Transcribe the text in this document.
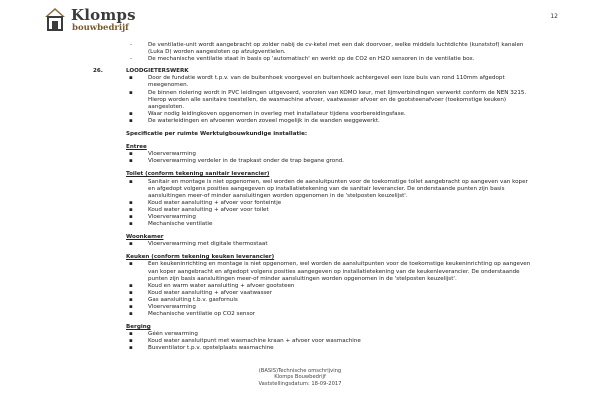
Klomps
bouwbedrijf
12
- De ventilatie-unit wordt aangebracht op zolder nabij de cv-ketel met een dak doorvoer, welke middels luchtdichte (kunststof) kanalen (Luka D) worden aangesloten op afzuigventielen.
- De mechanische ventilatie staat in basis op 'automatisch' en werkt op de CO2 en H2O sensoren in de ventilatie box.
26.	LOODGIETERSWERK
▪ Door de fundatie wordt t.p.v. van de buitenhoek voorgevel en buitenhoek achtergevel een loze buis van rond 110mm afgedopt meegenomen.
▪ De binnen riolering wordt in PVC leidingen uitgevoerd, voorzien van KOMO keur, met lijmverbindingen verwerkt conform de NEN 3215. Hierop worden alle sanitaire toestellen, de wasmachine afvoer, vaatwasser afvoer en de gootsteenafvoer (toekomstige keuken) aangesloten.
▪ Waar nodig leidingkoven opgenomen in overleg met installateur tijdens voorbereidingsfase.
▪ De waterleidingen en afvoeren worden zoveel mogelijk in de wanden weggewerkt.
Specificatie per ruimte Werktuigbouwkundige installatie:
Entree
▪ Vloerverwarming
▪ Vloerverwarming verdeler in de trapkast onder de trap begane grond.
Toilet (conform tekening sanitair leverancier)
▪ Sanitair en montage is niet opgenomen, wel worden de aansluitpunten voor de toekomstige toilet aangebracht op aangeven van koper en afgedopt volgens posities aangegeven op installatietekening van de sanitair leverancier. De onderstaande punten zijn basis aansluitingen meer-of minder aansluitingen worden opgenomen in de 'stelposten keuzelijst'.
▪ Koud water aansluiting + afvoer voor fonteintje
▪ Koud water aansluiting + afvoer voor toilet
▪ Vloerverwarming
▪ Mechanische ventilatie
Woonkamer
▪ Vloerverwarming met digitale thermostaat
Keuken (conform tekening keuken leverancier)
▪ Een keukeninrichting en montage is niet opgenomen, wel worden de aansluitpunten voor de toekomstige keukeninrichting op aangeven van koper aangebracht en afgedopt volgens posities aangegeven op installatietekening van de keukenleverancier. De onderstaande punten zijn basis aansluitingen meer-of minder aansluitingen worden opgenomen in de 'stelposten keuzelijst'.
▪ Koud en warm water aansluiting + afvoer gootsteen
▪ Koud water aansluiting + afvoer vaatwasser
▪ Gas aansluiting t.b.v. gasfornuis
▪ Vloerverwarming
▪ Mechanische ventilatie op CO2 sensor
Berging
▪ Géén verwarming
▪ Koud water aansluitpunt met wasmachine kraan + afvoer voor wasmachine
▪ Busventilator t.p.v. opstelplaats wasmachine
(BASIS)Technische omschrijving
Klomps Bouwbedrijf
Vaststellingsdatum: 18-09-2017
